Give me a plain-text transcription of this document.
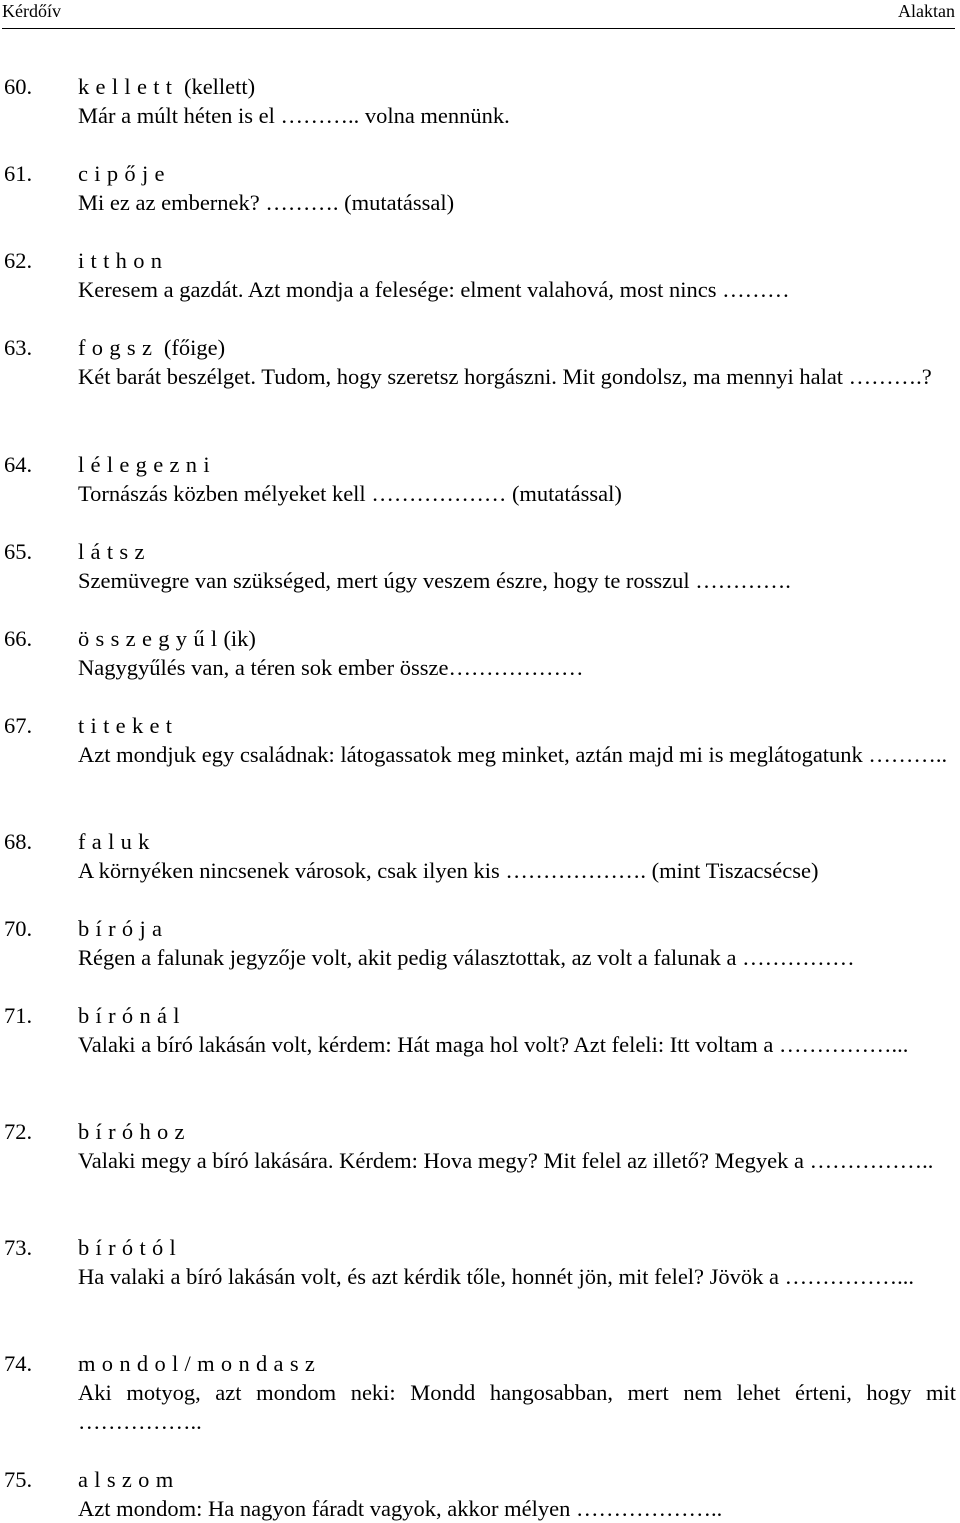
Kérdőív	Alaktan
60. kellett (kellett)

Már a múlt héten is el ……….. volna mennünk.

61. cipője

Mi ez az embernek? ………. (mutatással)

62. itthon

Keresem a gazdát. Azt mondja a felesége: elment valahová, most nincs ………

63. fogsz (főige)

Két barát beszélget. Tudom, hogy szeretsz horgászni. Mit gondolsz, ma mennyi halat ……….?

64. lélegezni

Tornászás közben mélyeket kell ……………… (mutatással)

65. látsz

Szemüvegre van szükséged, mert úgy veszem észre, hogy te rosszul ………….

66. összegyűl(ik)

Nagygyűlés van, a téren sok ember össze………………

67. titeket

Azt mondjuk egy családnak: látogassatok meg minket, aztán majd mi is meglátogatunk ………..

68. faluk

A környéken nincsenek városok, csak ilyen kis ………………. (mint Tiszacsécse)

70. bírója

Régen a falunak jegyzője volt, akit pedig választottak, az volt a falunak a ……………

71. bírónál

Valaki a bíró lakásán volt, kérdem: Hát maga hol volt? Azt feleli: Itt voltam a ……………...

72. bíróhoz

Valaki megy a bíró lakására. Kérdem: Hova megy? Mit felel az illető? Megyek a ……………..

73. bírótól

Ha valaki a bíró lakásán volt, és azt kérdik tőle, honnét jön, mit felel? Jövök a ……………...

74. mondol/mondasz

Aki motyog, azt mondom neki: Mondd hangosabban, mert nem lehet érteni, hogy mit ……………..

75. alszom

Azt mondom: Ha nagyon fáradt vagyok, akkor mélyen ………………..
